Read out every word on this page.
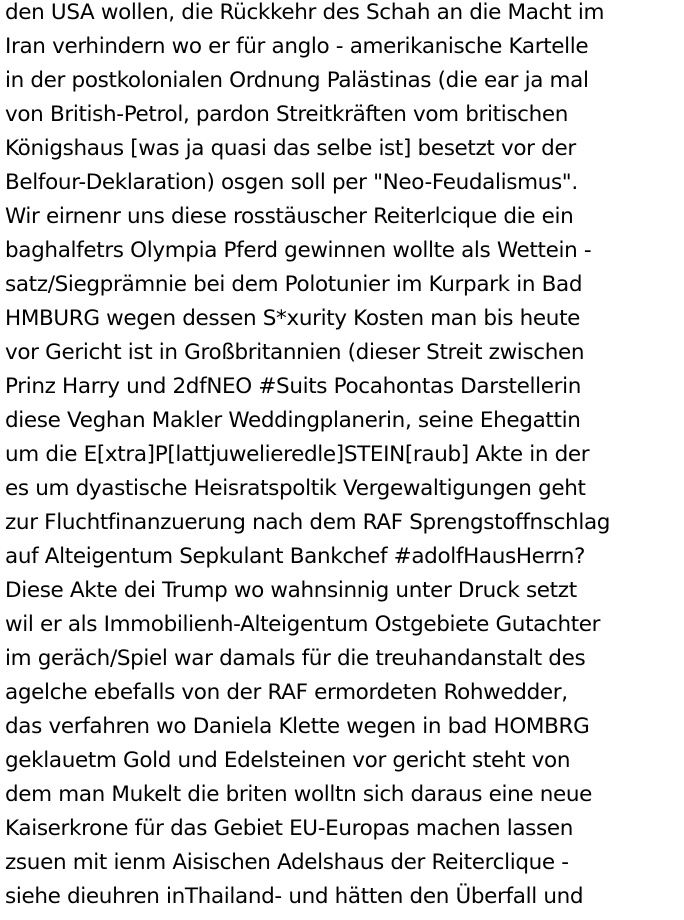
den USA wollen, die Rückkehr des Schah an die Macht im
Iran verhindern wo er für anglo - amerikanische Kartelle
in der postkolonialen Ordnung Palästinas (die ear ja mal
von British-Petrol, pardon Streitkräften vom britischen
Königshaus [was ja quasi das selbe ist] besetzt vor der
Belfour-Deklaration) osgen soll per "Neo-Feudalismus".
Wir eirnenr uns diese rosstäuscher Reiterlcique die ein
baghalfetrs Olympia Pferd gewinnen wollte als Wettein -
satz/Siegprämnie bei dem Polotunier im Kurpark in Bad
HMBURG wegen dessen S*xurity Kosten man bis heute
vor Gericht ist in Großbritannien (dieser Streit zwischen
Prinz Harry und 2dfNEO #Suits Pocahontas Darstellerin
diese Veghan Makler Weddingplanerin, seine Ehegattin
um die E[xtra]P[lattjuwelieredle]STEIN[raub] Akte in der
es um dyastische Heisratspoltik Vergewaltigungen geht
zur Fluchtfinanzuerung nach dem RAF Sprengstoffnschlag
auf Alteigentum Sepkulant Bankchef #adolfHausHerrn?
Diese Akte dei Trump wo wahnsinnig unter Druck setzt
wil er als Immobilienh-Alteigentum Ostgebiete Gutachter
im geräch/Spiel war damals für die treuhandanstalt des
agelche ebefalls von der RAF ermordeten Rohwedder,
das verfahren wo Daniela Klette wegen in bad HOMBRG
geklauetm Gold und Edelsteinen vor gericht steht von
dem man Mukelt die briten wolltn sich daraus eine neue
Kaiserkrone für das Gebiet EU-Europas machen lassen
zsuen mit ienm Aisischen Adelshaus der Reiterclique -
siehe dieuhren inThailand- und hätten den Überfall und
